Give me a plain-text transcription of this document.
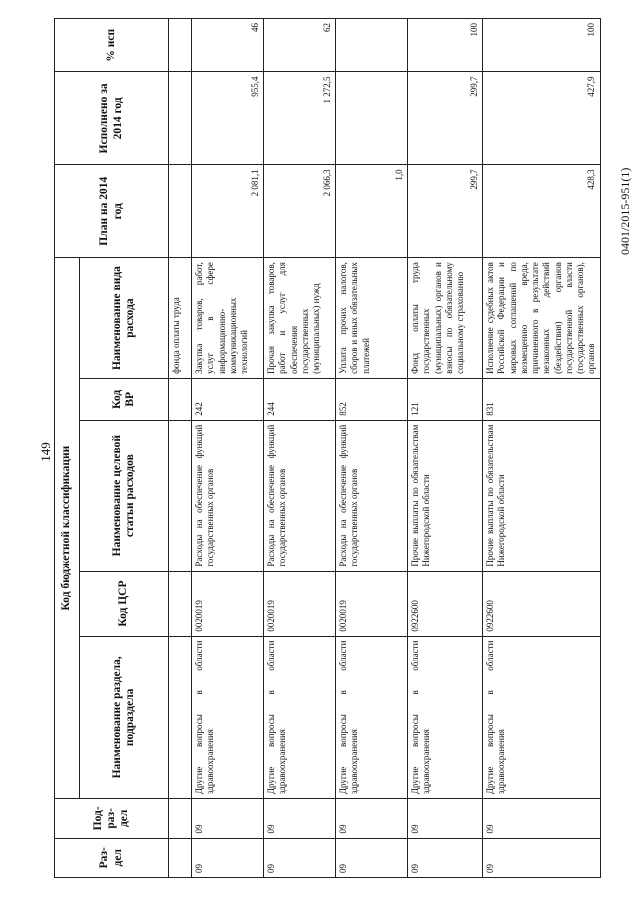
149
Раз-дел	Под-раз-дел	Код бюджетной классификации					План на 2014 год	Исполнено за 2014 год	% исп
		Наименование раздела, подраздела	Код ЦСР	Наименование целевой статьи расходов	Код ВР	Наименование вида расхода			
						фонда оплаты труда			
09	09	Другие вопросы в области здравоохранения	0020019	Расходы на обеспечение функций государственных органов	242	Закупка товаров, работ, услуг в сфере информационно-коммуникационных технологий	2 081,1	955,4	46
09	09	Другие вопросы в области здравоохранения	0020019	Расходы на обеспечение функций государственных органов	244	Прочая закупка товаров, работ и услуг для обеспечения государственных (муниципальных) нужд	2 066,3	1 272,5	62
09	09	Другие вопросы в области здравоохранения	0020019	Расходы на обеспечение функций государственных органов	852	Уплата прочих налогов, сборов и иных обязательных платежей	1,0		
09	09	Другие вопросы в области здравоохранения	0922600	Прочие выплаты по обязательствам Нижегородской области	121	Фонд оплаты труда государственных (муниципальных) органов и взносы по обязательному социальному страхованию	299,7	299,7	100
09	09	Другие вопросы в области здравоохранения	0922600	Прочие выплаты по обязательствам Нижегородской области	831	Исполнение судебных актов Российской Федерации и мировых соглашений по возмещению вреда, причиненного в результате незаконных действий (бездействия) органов государственной власти (государственных органов), органов	428,3	427,9	100
0401/2015-951(1)
